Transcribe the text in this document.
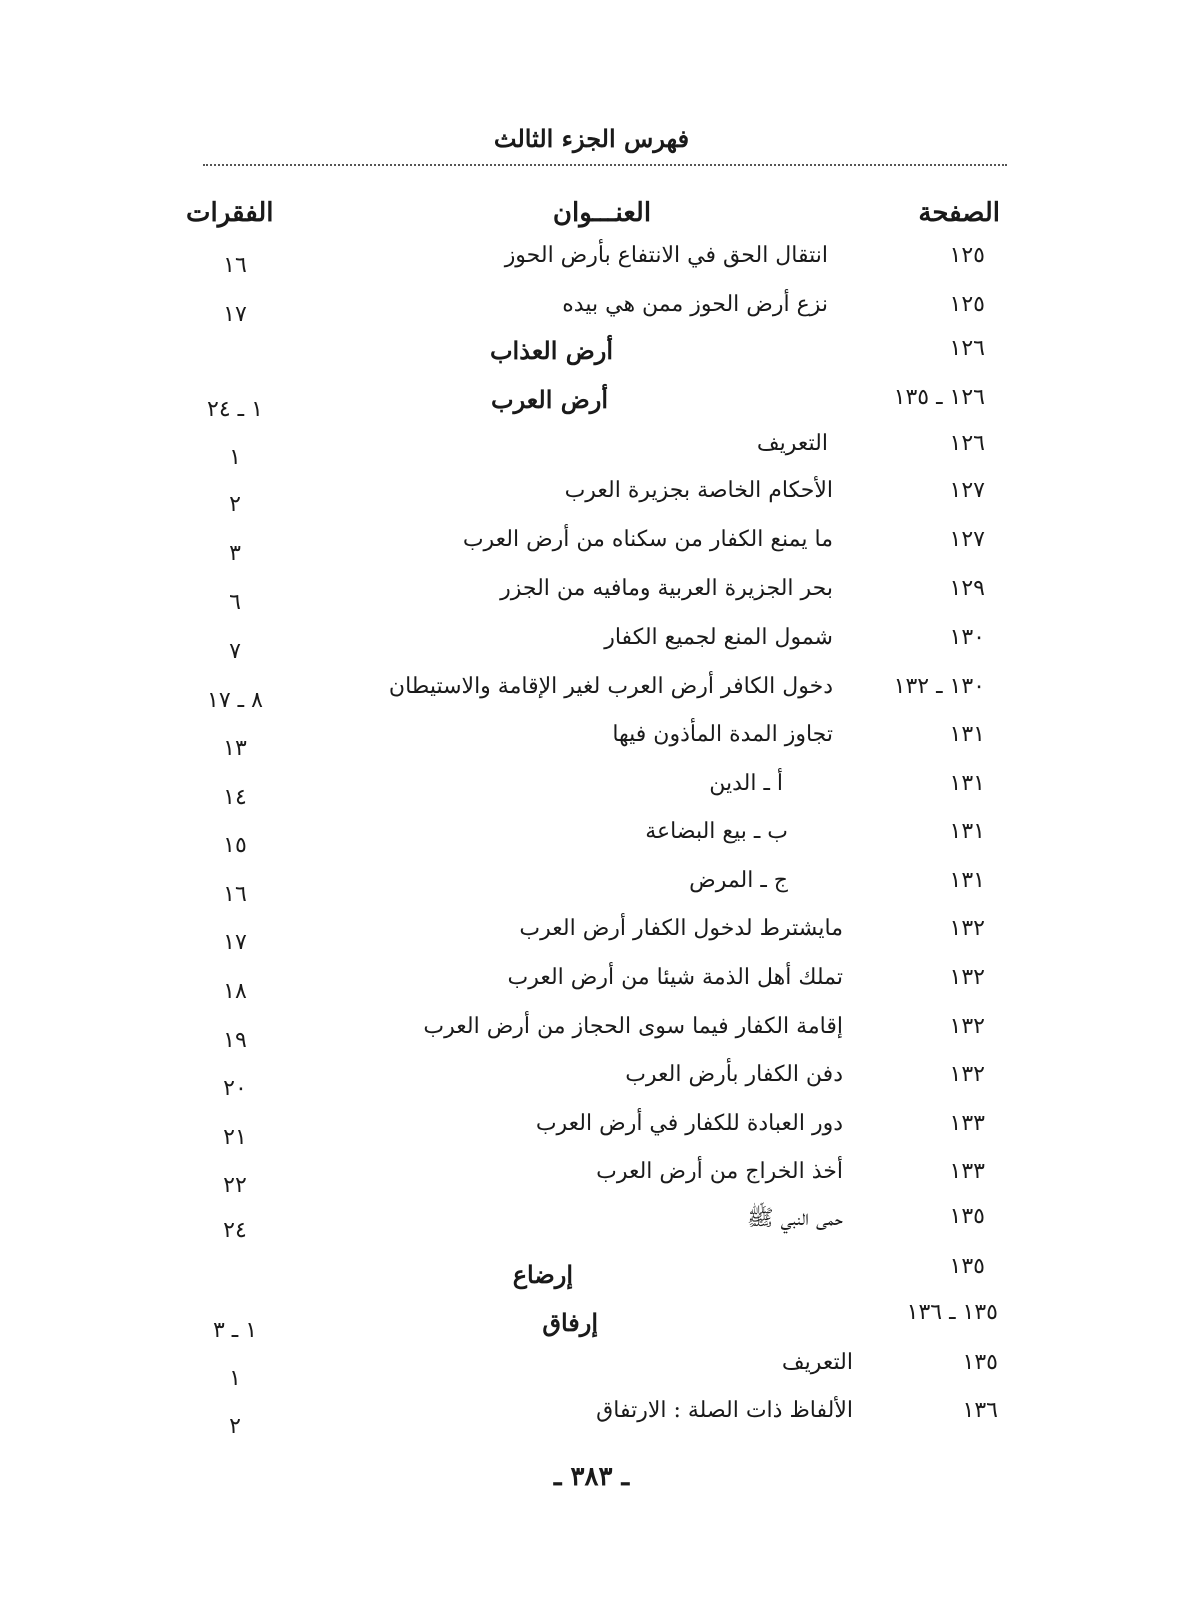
فهرس الجزء الثالث
الصفحة
العنـــوان
الفقرات
١٢٥
انتقال الحق في الانتفاع بأرض الحوز
١٦
١٢٥
نزع أرض الحوز ممن هي بيده
١٧
١٢٦
أرض العذاب
١٢٦ ـ ١٣٥
أرض العرب
١ ـ ٢٤
١٢٦
التعريف
١
١٢٧
الأحكام الخاصة بجزيرة العرب
٢
١٢٧
ما يمنع الكفار من سكناه من أرض العرب
٣
١٢٩
بحر الجزيرة العربية ومافيه من الجزر
٦
١٣٠
شمول المنع لجميع الكفار
٧
١٣٠ ـ ١٣٢
دخول الكافر أرض العرب لغير الإقامة والاستيطان
٨ ـ ١٧
١٣١
تجاوز المدة المأذون فيها
١٣
١٣١
أ ـ الدين
١٤
١٣١
ب ـ بيع البضاعة
١٥
١٣١
ج ـ المرض
١٦
١٣٢
مايشترط لدخول الكفار أرض العرب
١٧
١٣٢
تملك أهل الذمة شيئا من أرض العرب
١٨
١٣٢
إقامة الكفار فيما سوى الحجاز من أرض العرب
١٩
١٣٢
دفن الكفار بأرض العرب
٢٠
١٣٣
دور العبادة للكفار في أرض العرب
٢١
١٣٣
أخذ الخراج من أرض العرب
٢٢
١٣٥
حمى النبي ﷺ
٢٤
١٣٥
إرضاع
١٣٥ ـ ١٣٦
إرفاق
١ ـ ٣
١٣٥
التعريف
١
١٣٦
الألفاظ ذات الصلة : الارتفاق
٢
ـ ٣٨٣ ـ
